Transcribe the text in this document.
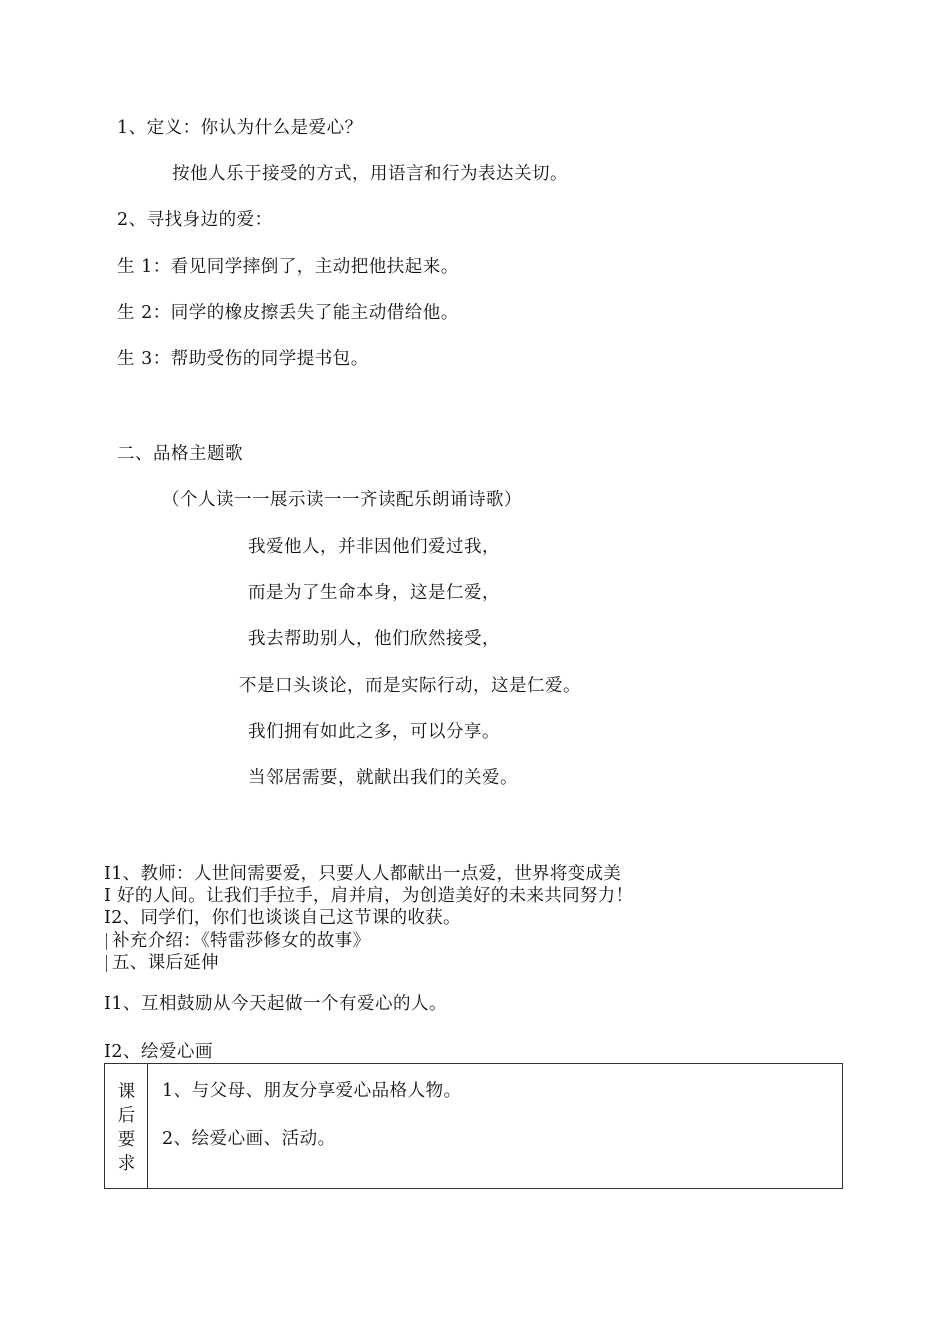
1、定义：你认为什么是爱心？
按他人乐于接受的方式，用语言和行为表达关切。
2、寻找身边的爱：
生 1：看见同学摔倒了，主动把他扶起来。
生 2：同学的橡皮擦丢失了能主动借给他。
生 3：帮助受伤的同学提书包。
二、品格主题歌
（个人读一一展示读一一齐读配乐朗诵诗歌）
我爱他人，并非因他们爱过我，
而是为了生命本身，这是仁爱，
我去帮助别人，他们欣然接受，
不是口头谈论，而是实际行动，这是仁爱。
我们拥有如此之多，可以分享。
当邻居需要，就献出我们的关爱。
I1、教师：人世间需要爱，只要人人都献出一点爱，世界将变成美
I 好的人间。让我们手拉手，肩并肩，为创造美好的未来共同努力！
I2、同学们，你们也谈谈自己这节课的收获。
补充介绍：《特雷莎修女的故事》
五、课后延伸
I1、互相鼓励从今天起做一个有爱心的人。
I2、绘爱心画
课
后
要
求
1、与父母、朋友分享爱心品格人物。
2、绘爱心画、活动。
